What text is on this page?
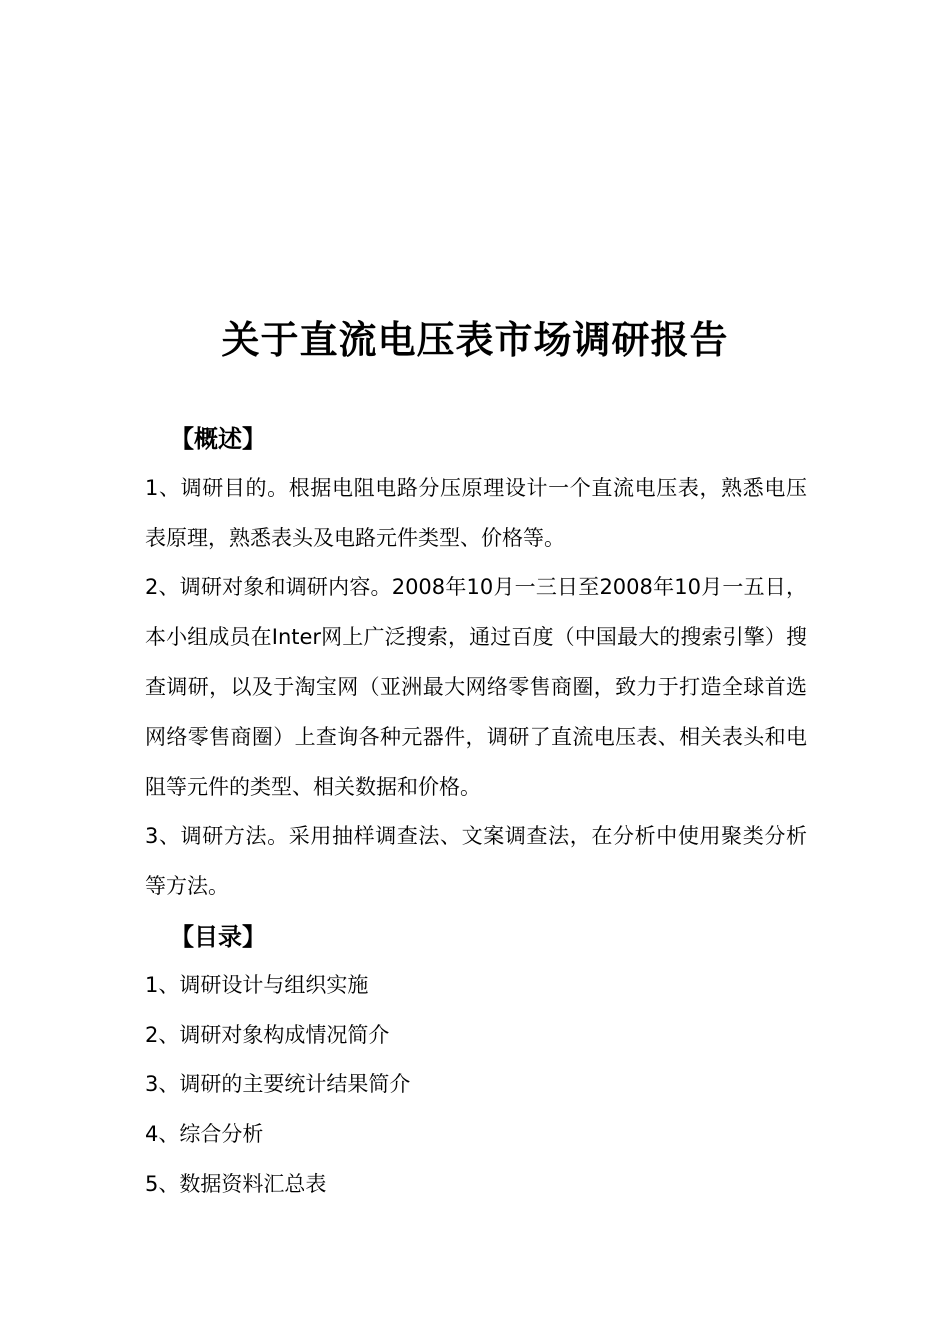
关于直流电压表市场调研报告
【概述】
1、调研目的。根据电阻电路分压原理设计一个直流电压表，熟悉电压表原理，熟悉表头及电路元件类型、价格等。
2、调研对象和调研内容。2008年10月一三日至2008年10月一五日，本小组成员在Inter网上广泛搜索，通过百度（中国最大的搜索引擎）搜查调研，以及于淘宝网（亚洲最大网络零售商圈，致力于打造全球首选网络零售商圈）上查询各种元器件，调研了直流电压表、相关表头和电阻等元件的类型、相关数据和价格。
3、调研方法。采用抽样调查法、文案调查法，在分析中使用聚类分析等方法。
【目录】
1、调研设计与组织实施
2、调研对象构成情况简介
3、调研的主要统计结果简介
4、综合分析
5、数据资料汇总表
